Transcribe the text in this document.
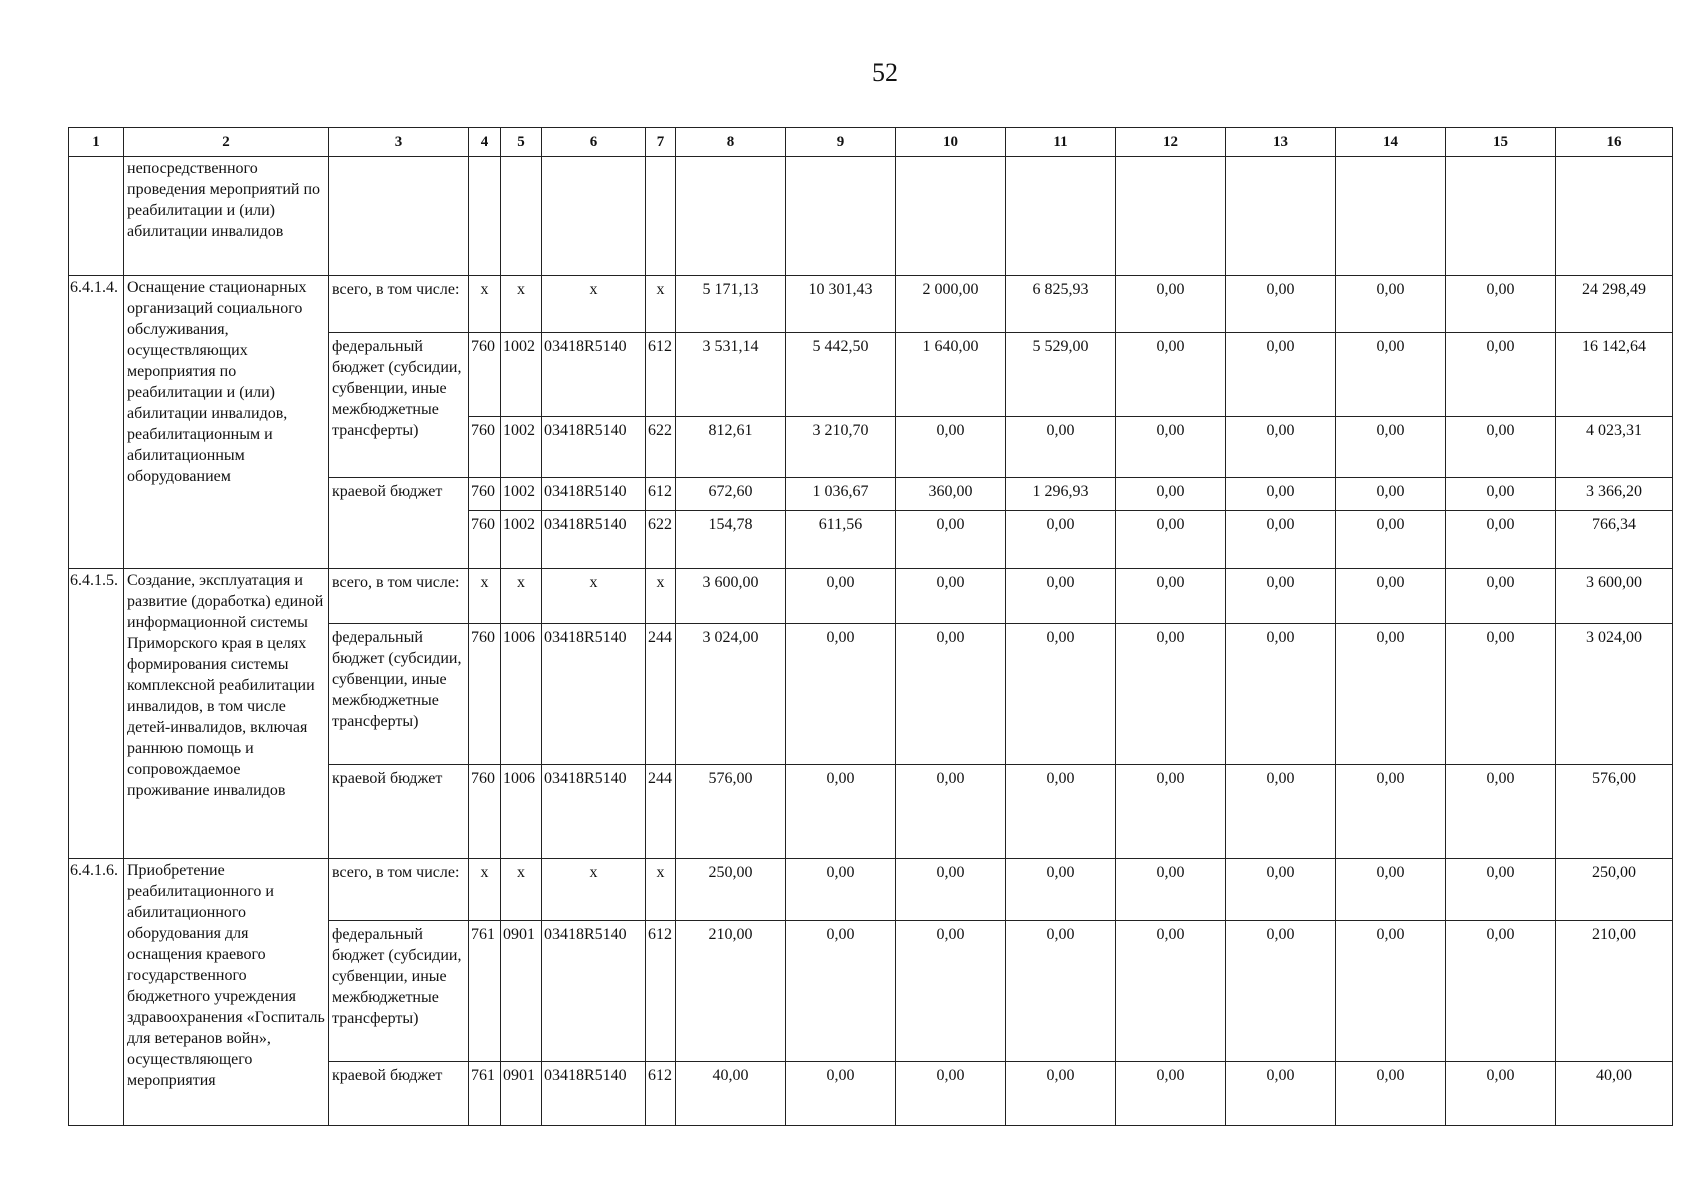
52
1	2	3	4	5	6	7	8	9	10	11	12	13	14	15	16
	непосредственного проведения мероприятий по реабилитации и (или) абилитации инвалидов														
6.4.1.4.	Оснащение стационарных организаций социального обслуживания, осуществляющих мероприятия по реабилитации и (или) абилитации инвалидов, реабилитационным и абилитационным оборудованием	всего, в том числе:	x	x	x	x	5 171,13	10 301,43	2 000,00	6 825,93	0,00	0,00	0,00	0,00	24 298,49
		федеральный бюджет (субсидии, субвенции, иные межбюджетные трансферты)	760	1002	03418R5140	612	3 531,14	5 442,50	1 640,00	5 529,00	0,00	0,00	0,00	0,00	16 142,64
			760	1002	03418R5140	622	812,61	3 210,70	0,00	0,00	0,00	0,00	0,00	0,00	4 023,31
		краевой бюджет	760	1002	03418R5140	612	672,60	1 036,67	360,00	1 296,93	0,00	0,00	0,00	0,00	3 366,20
			760	1002	03418R5140	622	154,78	611,56	0,00	0,00	0,00	0,00	0,00	0,00	766,34
6.4.1.5.	Создание, эксплуатация и развитие (доработка) единой информационной системы Приморского края в целях формирования системы комплексной реабилитации инвалидов, в том числе детей-инвалидов, включая раннюю помощь и сопровождаемое проживание инвалидов	всего, в том числе:	x	x	x	x	3 600,00	0,00	0,00	0,00	0,00	0,00	0,00	0,00	3 600,00
		федеральный бюджет (субсидии, субвенции, иные межбюджетные трансферты)	760	1006	03418R5140	244	3 024,00	0,00	0,00	0,00	0,00	0,00	0,00	0,00	3 024,00
		краевой бюджет	760	1006	03418R5140	244	576,00	0,00	0,00	0,00	0,00	0,00	0,00	0,00	576,00
6.4.1.6.	Приобретение реабилитационного и абилитационного оборудования для оснащения краевого государственного бюджетного учреждения здравоохранения «Госпиталь для ветеранов войн», осуществляющего мероприятия	всего, в том числе:	x	x	x	x	250,00	0,00	0,00	0,00	0,00	0,00	0,00	0,00	250,00
		федеральный бюджет (субсидии, субвенции, иные межбюджетные трансферты)	761	0901	03418R5140	612	210,00	0,00	0,00	0,00	0,00	0,00	0,00	0,00	210,00
		краевой бюджет	761	0901	03418R5140	612	40,00	0,00	0,00	0,00	0,00	0,00	0,00	0,00	40,00
